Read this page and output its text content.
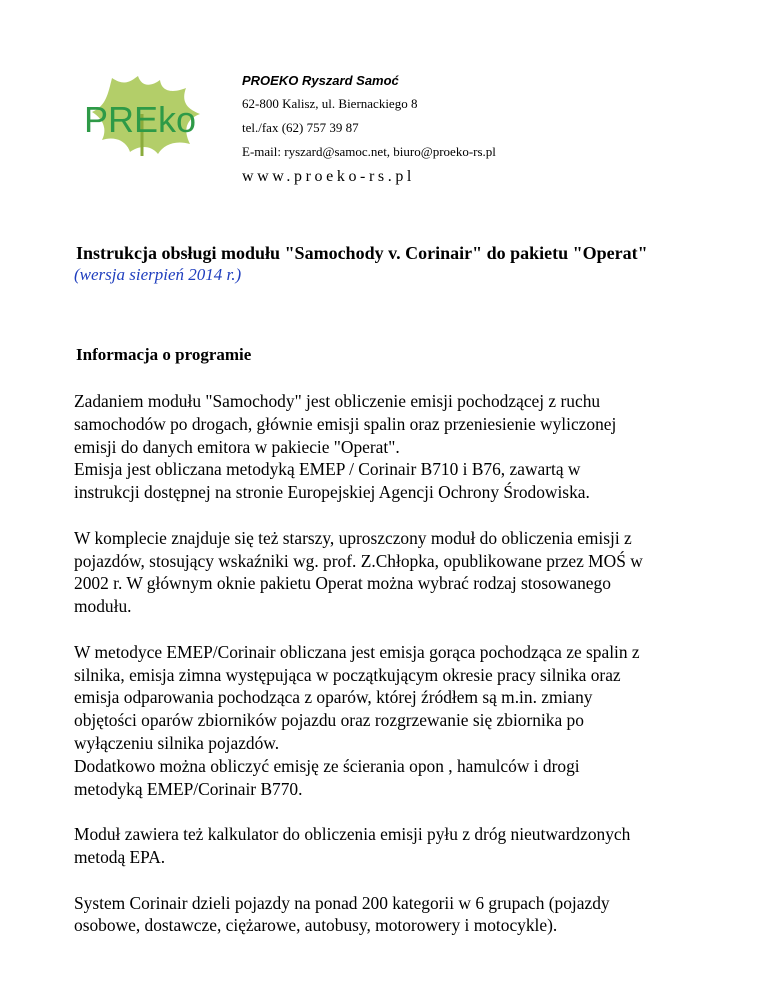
PREko
PROEKO Ryszard Samoć
62-800 Kalisz, ul. Biernackiego 8
tel./fax (62) 757 39 87
E-mail: ryszard@samoc.net, biuro@proeko-rs.pl
www.proeko-rs.pl
Instrukcja obsługi modułu "Samochody v. Corinair" do pakietu "Operat"
(wersja sierpień 2014 r.)
Informacja o programie

Zadaniem modułu "Samochody" jest obliczenie emisji pochodzącej z ruchu
samochodów po drogach, głównie emisji spalin oraz przeniesienie wyliczonej
emisji do danych emitora w pakiecie "Operat".
Emisja jest obliczana metodyką EMEP / Corinair B710 i B76, zawartą w
instrukcji dostępnej na stronie Europejskiej Agencji Ochrony Środowiska.

W komplecie znajduje się też starszy, uproszczony moduł do obliczenia emisji z
pojazdów, stosujący wskaźniki wg. prof. Z.Chłopka, opublikowane przez MOŚ w
2002 r. W głównym oknie pakietu Operat można wybrać rodzaj stosowanego
modułu.

W metodyce EMEP/Corinair obliczana jest emisja gorąca pochodząca ze spalin z
silnika, emisja zimna występująca w początkującym okresie pracy silnika oraz
emisja odparowania pochodząca z oparów, której źródłem są m.in. zmiany
objętości oparów zbiorników pojazdu oraz rozgrzewanie się zbiornika po
wyłączeniu silnika pojazdów.
Dodatkowo można obliczyć emisję ze ścierania opon , hamulców i drogi
metodyką EMEP/Corinair B770.

Moduł zawiera też kalkulator do obliczenia emisji pyłu z dróg nieutwardzonych
metodą EPA.

System Corinair dzieli pojazdy na ponad 200 kategorii w 6 grupach (pojazdy
osobowe, dostawcze, ciężarowe, autobusy, motorowery i motocykle).
